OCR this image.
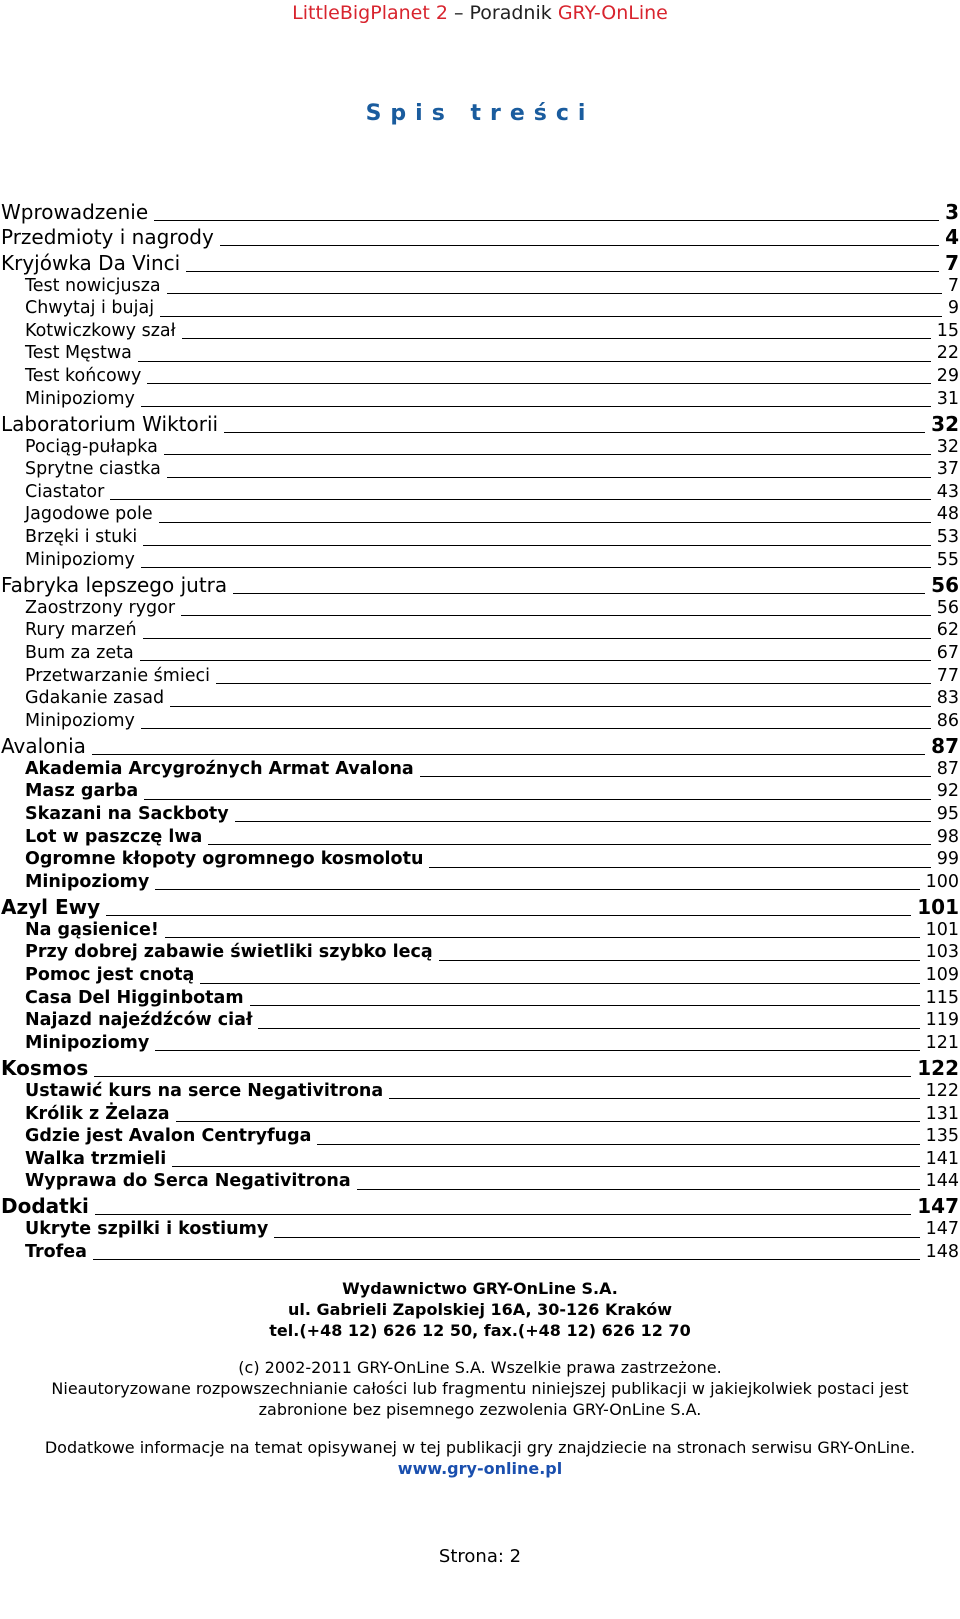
LittleBigPlanet 2 – Poradnik GRY-OnLine
Spis treści
Wprowadzenie	3
Przedmioty i nagrody	4
Kryjówka Da Vinci	7
Test nowicjusza	7
Chwytaj i bujaj	9
Kotwiczkowy szał	15
Test Męstwa	22
Test końcowy	29
Minipoziomy	31
Laboratorium Wiktorii	32
Pociąg-pułapka	32
Sprytne ciastka	37
Ciastator	43
Jagodowe pole	48
Brzęki i stuki	53
Minipoziomy	55
Fabryka lepszego jutra	56
Zaostrzony rygor	56
Rury marzeń	62
Bum za zeta	67
Przetwarzanie śmieci	77
Gdakanie zasad	83
Minipoziomy	86
Avalonia	87
Akademia Arcygroźnych Armat Avalona	87
Masz garba	92
Skazani na Sackboty	95
Lot w paszczę lwa	98
Ogromne kłopoty ogromnego kosmolotu	99
Minipoziomy	100
Azyl Ewy	101
Na gąsienice!	101
Przy dobrej zabawie świetliki szybko lecą	103
Pomoc jest cnotą	109
Casa Del Higginbotam	115
Najazd najeźdźców ciał	119
Minipoziomy	121
Kosmos	122
Ustawić kurs na serce Negativitrona	122
Królik z Żelaza	131
Gdzie jest Avalon Centryfuga	135
Walka trzmieli	141
Wyprawa do Serca Negativitrona	144
Dodatki	147
Ukryte szpilki i kostiumy	147
Trofea	148
Wydawnictwo GRY-OnLine S.A.
ul. Gabrieli Zapolskiej 16A, 30-126 Kraków
tel.(+48 12) 626 12 50, fax.(+48 12) 626 12 70
(c) 2002-2011 GRY-OnLine S.A. Wszelkie prawa zastrzeżone.
Nieautoryzowane rozpowszechnianie całości lub fragmentu niniejszej publikacji w jakiejkolwiek postaci jest
zabronione bez pisemnego zezwolenia GRY-OnLine S.A.
Dodatkowe informacje na temat opisywanej w tej publikacji gry znajdziecie na stronach serwisu GRY-OnLine.
www.gry-online.pl
Strona: 2
